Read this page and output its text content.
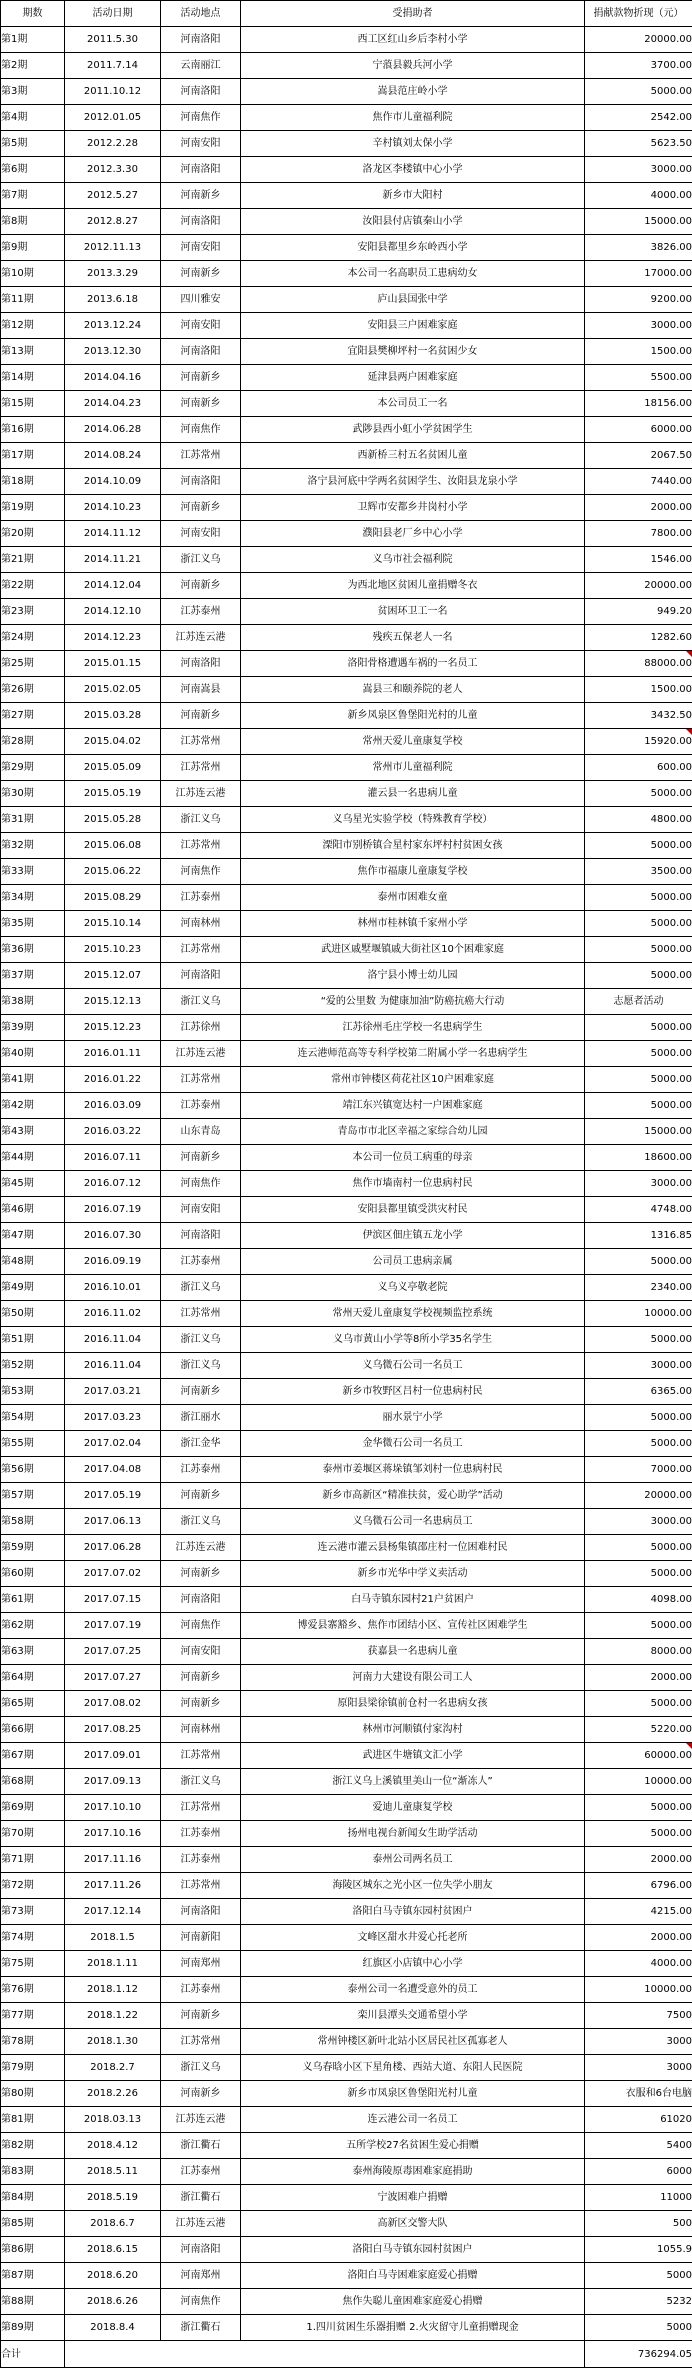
期数	活动日期	活动地点	受捐助者	捐献款物折现（元）
第1期	2011.5.30	河南洛阳	西工区红山乡后李村小学	20000.00
第2期	2011.7.14	云南丽江	宁蒗县毅兵河小学	3700.00
第3期	2011.10.12	河南洛阳	嵩县范庄岭小学	5000.00
第4期	2012.01.05	河南焦作	焦作市儿童福利院	2542.00
第5期	2012.2.28	河南安阳	辛村镇刘太保小学	5623.50
第6期	2012.3.30	河南洛阳	洛龙区李楼镇中心小学	3000.00
第7期	2012.5.27	河南新乡	新乡市大阳村	4000.00
第8期	2012.8.27	河南洛阳	汝阳县付店镇秦山小学	15000.00
第9期	2012.11.13	河南安阳	安阳县都里乡东岭西小学	3826.00
第10期	2013.3.29	河南新乡	本公司一名高职员工患病幼女	17000.00
第11期	2013.6.18	四川雅安	庐山县国张中学	9200.00
第12期	2013.12.24	河南安阳	安阳县三户困难家庭	3000.00
第13期	2013.12.30	河南洛阳	宜阳县樊柳坪村一名贫困少女	1500.00
第14期	2014.04.16	河南新乡	延津县两户困难家庭	5500.00
第15期	2014.04.23	河南新乡	本公司员工一名	18156.00
第16期	2014.06.28	河南焦作	武陟县西小虹小学贫困学生	6000.00
第17期	2014.08.24	江苏常州	西新桥三村五名贫困儿童	2067.50
第18期	2014.10.09	河南洛阳	洛宁县河底中学两名贫困学生、汝阳县龙泉小学	7440.00
第19期	2014.10.23	河南新乡	卫辉市安都乡井岗村小学	2000.00
第20期	2014.11.12	河南安阳	濮阳县老厂乡中心小学	7800.00
第21期	2014.11.21	浙江义乌	义乌市社会福利院	1546.00
第22期	2014.12.04	河南新乡	为西北地区贫困儿童捐赠冬衣	20000.00
第23期	2014.12.10	江苏泰州	贫困环卫工一名	949.20
第24期	2014.12.23	江苏连云港	残疾五保老人一名	1282.60
第25期	2015.01.15	河南洛阳	洛阳骨格遭遇车祸的一名员工	88000.00

第26期	2015.02.05	河南嵩县	嵩县三和颐养院的老人	1500.00
第27期	2015.03.28	河南新乡	新乡凤泉区鲁堡阳光村的儿童	3432.50
第28期	2015.04.02	江苏常州	常州天爱儿童康复学校	15920.00

第29期	2015.05.09	江苏常州	常州市儿童福利院	600.00
第30期	2015.05.19	江苏连云港	灌云县一名患病儿童	5000.00
第31期	2015.05.28	浙江义乌	义乌星光实验学校（特殊教育学校）	4800.00
第32期	2015.06.08	江苏常州	溧阳市别桥镇合星村家东坪村村贫困女孩	5000.00
第33期	2015.06.22	河南焦作	焦作市福康儿童康复学校	3500.00
第34期	2015.08.29	江苏泰州	泰州市困难女童	5000.00
第35期	2015.10.14	河南林州	林州市桂林镇千家州小学	5000.00
第36期	2015.10.23	江苏常州	武进区戚墅堰镇戚大街社区10个困难家庭	5000.00
第37期	2015.12.07	河南洛阳	洛宁县小博士幼儿园	5000.00
第38期	2015.12.13	浙江义乌	“爱的公里数 为健康加油”防癌抗癌大行动	志愿者活动
第39期	2015.12.23	江苏徐州	江苏徐州毛庄学校一名患病学生	5000.00
第40期	2016.01.11	江苏连云港	连云港师范高等专科学校第二附属小学一名患病学生	5000.00
第41期	2016.01.22	江苏常州	常州市钟楼区荷花社区10户困难家庭	5000.00
第42期	2016.03.09	江苏泰州	靖江东兴镇宽达村一户困难家庭	5000.00
第43期	2016.03.22	山东青岛	青岛市市北区幸福之家综合幼儿园	15000.00
第44期	2016.07.11	河南新乡	本公司一位员工病重的母亲	18600.00
第45期	2016.07.12	河南焦作	焦作市墙南村一位患病村民	3000.00
第46期	2016.07.19	河南安阳	安阳县都里镇受洪灾村民	4748.00
第47期	2016.07.30	河南洛阳	伊滨区佃庄镇五龙小学	1316.85
第48期	2016.09.19	江苏泰州	公司员工患病亲属	5000.00
第49期	2016.10.01	浙江义乌	义乌义亭敬老院	2340.00
第50期	2016.11.02	江苏常州	常州天爱儿童康复学校视频监控系统	10000.00
第51期	2016.11.04	浙江义乌	义乌市黄山小学等8所小学35名学生	5000.00
第52期	2016.11.04	浙江义乌	义乌微石公司一名员工	3000.00
第53期	2017.03.21	河南新乡	新乡市牧野区吕村一位患病村民	6365.00
第54期	2017.03.23	浙江丽水	丽水景宁小学	5000.00
第55期	2017.02.04	浙江金华	金华微石公司一名员工	5000.00
第56期	2017.04.08	江苏泰州	泰州市姜堰区蒋垛镇邹刘村一位患病村民	7000.00
第57期	2017.05.19	河南新乡	新乡市高新区“精准扶贫，爱心助学”活动	20000.00
第58期	2017.06.13	浙江义乌	义乌微石公司一名患病员工	3000.00
第59期	2017.06.28	江苏连云港	连云港市灌云县杨集镇邵庄村一位困难村民	5000.00
第60期	2017.07.02	河南新乡	新乡市光华中学义卖活动	5000.00
第61期	2017.07.15	河南洛阳	白马寺镇东园村21户贫困户	4098.00
第62期	2017.07.19	河南焦作	博爱县寨豁乡、焦作市团结小区、宣传社区困难学生	5000.00
第63期	2017.07.25	河南安阳	获嘉县一名患病儿童	8000.00
第64期	2017.07.27	河南新乡	河南力大建设有限公司工人	2000.00
第65期	2017.08.02	河南新乡	原阳县梁徐镇前仓村一名患病女孩	5000.00
第66期	2017.08.25	河南林州	林州市河顺镇付家沟村	5220.00
第67期	2017.09.01	江苏常州	武进区牛塘镇文汇小学	60000.00

第68期	2017.09.13	浙江义乌	浙江义乌上溪镇里美山一位“渐冻人”	10000.00
第69期	2017.10.10	江苏常州	爱迪儿童康复学校	5000.00
第70期	2017.10.16	江苏泰州	扬州电视台新闻女生助学活动	5000.00
第71期	2017.11.16	江苏泰州	泰州公司两名员工	2000.00
第72期	2017.11.26	江苏常州	海陵区城东之光小区一位失学小朋友	6796.00
第73期	2017.12.14	河南洛阳	洛阳白马寺镇东园村贫困户	4215.00
第74期	2018.1.5	河南新阳	文峰区甜水井爱心托老所	2000.00
第75期	2018.1.11	河南郑州	红旗区小店镇中心小学	4000.00
第76期	2018.1.12	江苏泰州	泰州公司一名遭受意外的员工	10000.00
第77期	2018.1.22	河南新乡	栾川县潭头交通希望小学	7500
第78期	2018.1.30	江苏常州	常州钟楼区新叶北站小区居民社区孤寡老人	3000
第79期	2018.2.7	浙江义乌	义乌春晗小区下星角楼、西站大道、东阳人民医院	3000
第80期	2018.2.26	河南新乡	新乡市凤泉区鲁堡阳光村儿童	衣服和6台电脑
第81期	2018.03.13	江苏连云港	连云港公司一名员工	61020
第82期	2018.4.12	浙江衢石	五所学校27名贫困生爱心捐赠	5400
第83期	2018.5.11	江苏泰州	泰州海陵原毒困难家庭捐助	6000
第84期	2018.5.19	浙江衢石	宁波困难户捐赠	11000
第85期	2018.6.7	江苏连云港	高新区交警大队	500
第86期	2018.6.15	河南洛阳	洛阳白马寺镇东园村贫困户	1055.9
第87期	2018.6.20	河南郑州	洛阳白马寺困难家庭爱心捐赠	5000
第88期	2018.6.26	河南焦作	焦作失聪儿童困难家庭爱心捐赠	5232
第89期	2018.8.4	浙江衢石	1.四川贫困生乐器捐赠 2.火灾留守儿童捐赠现金	5000
合计				736294.05
